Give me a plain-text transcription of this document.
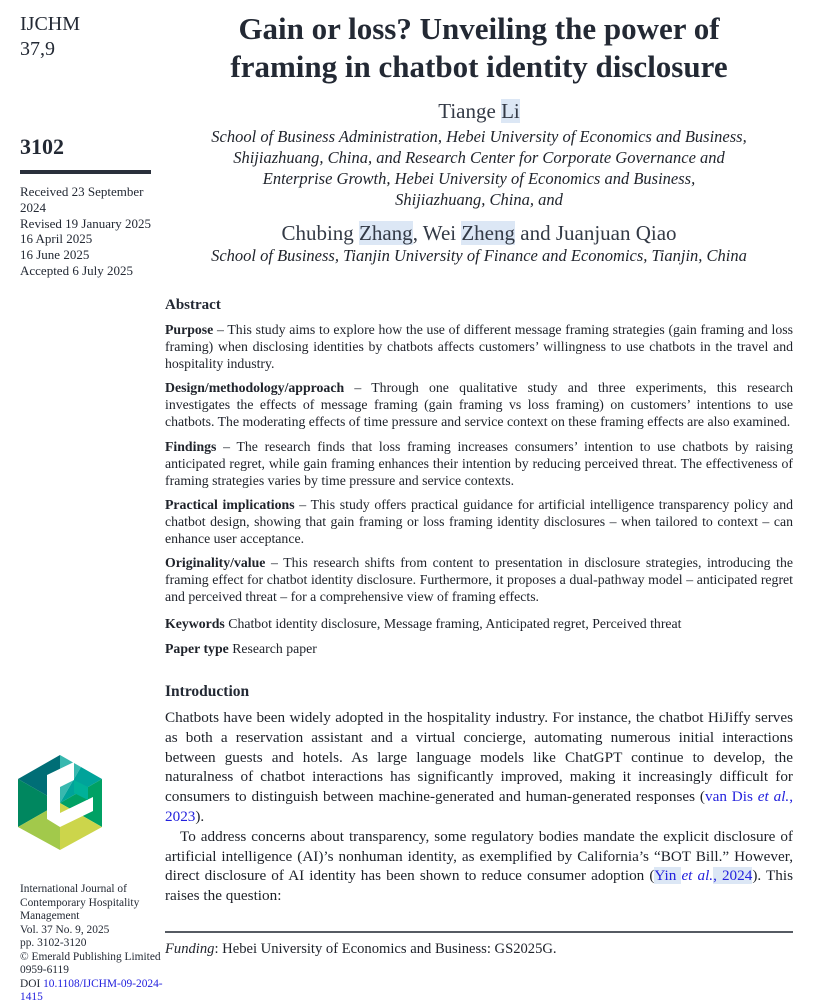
IJCHM
37,9
3102
Received 23 September 2024
Revised 19 January 2025
16 April 2025
16 June 2025
Accepted 6 July 2025
International Journal of
Contemporary Hospitality
Management
Vol. 37 No. 9, 2025
pp. 3102-3120
© Emerald Publishing Limited
0959-6119
DOI 10.1108/IJCHM-09-2024-1415
Gain or loss? Unveiling the power of
framing in chatbot identity disclosure
Tiange Li
School of Business Administration, Hebei University of Economics and Business,
Shijiazhuang, China, and Research Center for Corporate Governance and
Enterprise Growth, Hebei University of Economics and Business,
Shijiazhuang, China, and
Chubing Zhang, Wei Zheng and Juanjuan Qiao
School of Business, Tianjin University of Finance and Economics, Tianjin, China
Abstract

Purpose – This study aims to explore how the use of different message framing strategies (gain framing and loss framing) when disclosing identities by chatbots affects customers’ willingness to use chatbots in the travel and hospitality industry.

Design/methodology/approach – Through one qualitative study and three experiments, this research investigates the effects of message framing (gain framing vs loss framing) on customers’ intentions to use chatbots. The moderating effects of time pressure and service context on these framing effects are also examined.

Findings – The research finds that loss framing increases consumers’ intention to use chatbots by raising anticipated regret, while gain framing enhances their intention by reducing perceived threat. The effectiveness of framing strategies varies by time pressure and service contexts.

Practical implications – This study offers practical guidance for artificial intelligence transparency policy and chatbot design, showing that gain framing or loss framing identity disclosures – when tailored to context – can enhance user acceptance.

Originality/value – This research shifts from content to presentation in disclosure strategies, introducing the framing effect for chatbot identity disclosure. Furthermore, it proposes a dual-pathway model – anticipated regret and perceived threat – for a comprehensive view of framing effects.

Keywords Chatbot identity disclosure, Message framing, Anticipated regret, Perceived threat

Paper type Research paper

Introduction

Chatbots have been widely adopted in the hospitality industry. For instance, the chatbot HiJiffy serves as both a reservation assistant and a virtual concierge, automating numerous initial interactions between guests and hotels. As large language models like ChatGPT continue to develop, the naturalness of chatbot interactions has significantly improved, making it increasingly difficult for consumers to distinguish between machine-generated and human-generated responses (van Dis et al., 2023).

To address concerns about transparency, some regulatory bodies mandate the explicit disclosure of artificial intelligence (AI)’s nonhuman identity, as exemplified by California’s “BOT Bill.” However, direct disclosure of AI identity has been shown to reduce consumer adoption (Yin et al., 2024). This raises the question:

Funding: Hebei University of Economics and Business: GS2025G.
